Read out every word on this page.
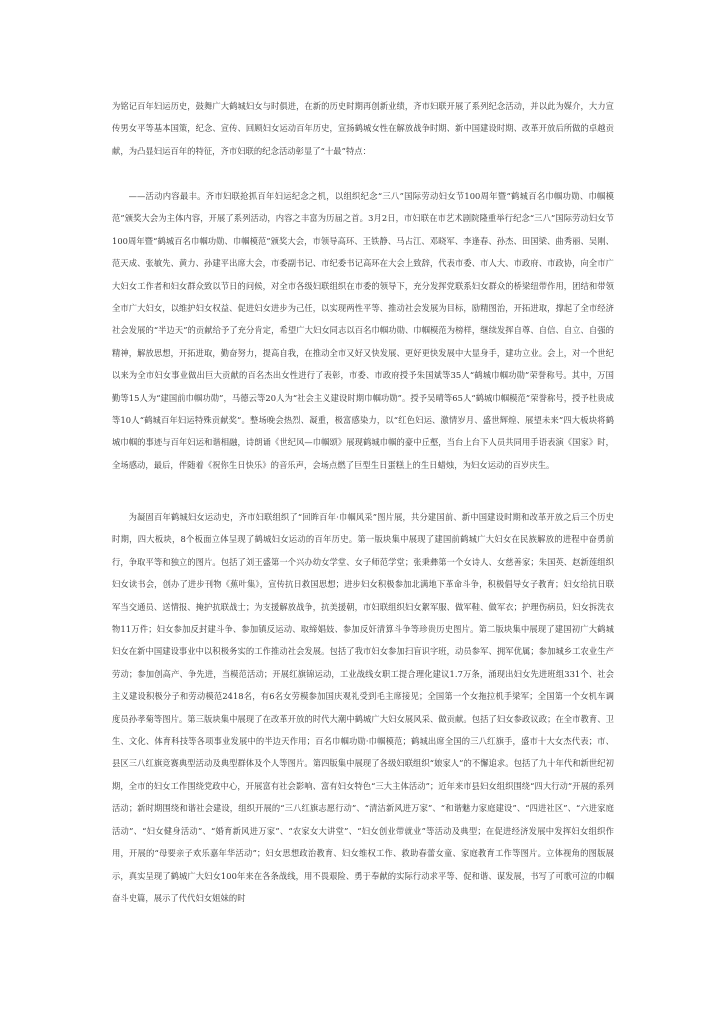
为铭记百年妇运历史，鼓舞广大鹤城妇女与时俱进，在新的历史时期再创新业绩，齐市妇联开展了系列纪念活动，并以此为媒介，大力宣传男女平等基本国策，纪念、宣传、回顾妇女运动百年历史，宣扬鹤城女性在解放战争时期、新中国建设时期、改革开放后所做的卓越贡献，为凸显妇运百年的特征，齐市妇联的纪念活动彰显了“十最”特点：

——活动内容最丰。齐市妇联抢抓百年妇运纪念之机，以组织纪念“三八”国际劳动妇女节100周年暨“鹤城百名巾帼功勋、巾帼模范”颁奖大会为主体内容，开展了系列活动，内容之丰富为历届之首。3月2日，市妇联在市艺术剧院隆重举行纪念“三八”国际劳动妇女节100周年暨“鹤城百名巾帼功勋、巾帼模范”颁奖大会，市领导高环、王铁静、马占江、邓晓军、李逢春、孙杰、田国梁、曲秀丽、吴刚、范天成、张敏先、黄力、孙建平出席大会，市委副书记、市纪委书记高环在大会上致辞，代表市委、市人大、市政府、市政协，向全市广大妇女工作者和妇女群众致以节日的问候，对全市各级妇联组织在市委的领导下，充分发挥党联系妇女群众的桥梁纽带作用，团结和带领全市广大妇女，以维护妇女权益、促进妇女进步为己任，以实现两性平等、推动社会发展为目标，励精图治，开拓进取，撑起了全市经济社会发展的“半边天”的贡献给予了充分肯定，希望广大妇女同志以百名巾帼功勋、巾帼模范为榜样，继续发挥自尊、自信、自立、自强的精神，解放思想，开拓进取，勤奋努力，提高自我，在推动全市又好又快发展、更好更快发展中大显身手，建功立业。会上，对一个世纪以来为全市妇女事业做出巨大贡献的百名杰出女性进行了表彰，市委、市政府授予朱国斌等35人“鹤城巾帼功勋”荣誉称号。其中，万国勤等15人为“建国前巾帼功勋”，马德云等20人为“社会主义建设时期巾帼功勋”。授予吴晴等65人“鹤城巾帼模范”荣誉称号，授予杜贵成等10人“鹤城百年妇运特殊贡献奖”。整场晚会热烈、凝重，极富感染力，以“红色妇运、激情岁月、盛世辉煌、展望未来”四大板块将鹤城巾帼的事迹与百年妇运和谐相融，诗朗诵《世纪风—巾帼颂》展现鹤城巾帼的豪中丘壑，当台上台下人员共同用手语表演《国家》时，全场感动，最后，伴随着《祝你生日快乐》的音乐声，会场点燃了巨型生日蛋糕上的生日蜡烛，为妇女运动的百岁庆生。

为凝固百年鹤城妇女运动史，齐市妇联组织了“回眸百年·巾帼风采”图片展，共分建国前、新中国建设时期和改革开放之后三个历史时期，四大板块，8个板面立体呈现了鹤城妇女运动的百年历史。第一版块集中展现了建国前鹤城广大妇女在民族解放的进程中奋勇前行，争取平等和独立的图片。包括了刘王盛第一个兴办幼女学堂、女子师范学堂；张秉彝第一个女诗人、女慈善家；朱国英、赵新莲组织妇女读书会，创办了进步刊物《蕉叶集》，宣传抗日救国思想；进步妇女积极参加北满地下革命斗争，积极倡导女子教育；妇女给抗日联军当交通员、送情报、掩护抗联战士；为支援解放战争，抗美援朝，市妇联组织妇女絮军服、做军鞋、做军衣；护理伤病员，妇女拆洗衣物11万件；妇女参加反封建斗争、参加镇反运动、取缔娼妓、参加反奸清算斗争等珍贵历史图片。第二版块集中展现了建国初广大鹤城妇女在新中国建设事业中以积极务实的工作推动社会发展。包括了我市妇女参加扫盲识字班，动员参军、拥军优属；参加城乡工农业生产劳动；参加创高产、争先进，当模范活动；开展红旗锦运动，工业战线女职工提合理化建议1.7万条，涌现出妇女先进班组331个、社会主义建设积极分子和劳动模范2418名，有6名女劳模参加国庆观礼受到毛主席接见；全国第一个女拖拉机手梁军；全国第一个女机车调度员孙孝菊等图片。第三版块集中展现了在改革开放的时代大潮中鹤城广大妇女展风采、做贡献。包括了妇女参政议政；在全市教育、卫生、文化、体育科技等各项事业发展中的半边天作用；百名巾帼功勋·巾帼模范；鹤城出席全国的三八红旗手，盛市十大女杰代表；市、县区三八红旗竞赛典型活动及典型群体及个人等图片。第四版集中展现了各级妇联组织“娘家人”的不懈追求。包括了九十年代和新世纪初期，全市的妇女工作围绕党政中心，开展富有社会影响、富有妇女特色“三大主体活动”；近年来市县妇女组织围绕“四大行动”开展的系列活动；新时期围绕和谐社会建设，组织开展的“三八红旗志愿行动”、“清洁新风进万家”、“和谐魅力家庭建设”、“四进社区”、“六进家庭活动”、“妇女健身活动”、“婚育新风进万家”、“农家女大讲堂”、“妇女创业带就业”等活动及典型；在促进经济发展中发挥妇女组织作用，开展的“母要亲子欢乐嘉年华活动”；妇女思想政治教育、妇女维权工作、救助春蕾女童、家庭教育工作等图片。立体视角的图版展示，真实呈现了鹤城广大妇女100年来在各条战线，用不畏艰险、勇于奉献的实际行动求平等、促和谐、谋发展，书写了可歌可泣的巾帼奋斗史篇，展示了代代妇女姐妹的时
